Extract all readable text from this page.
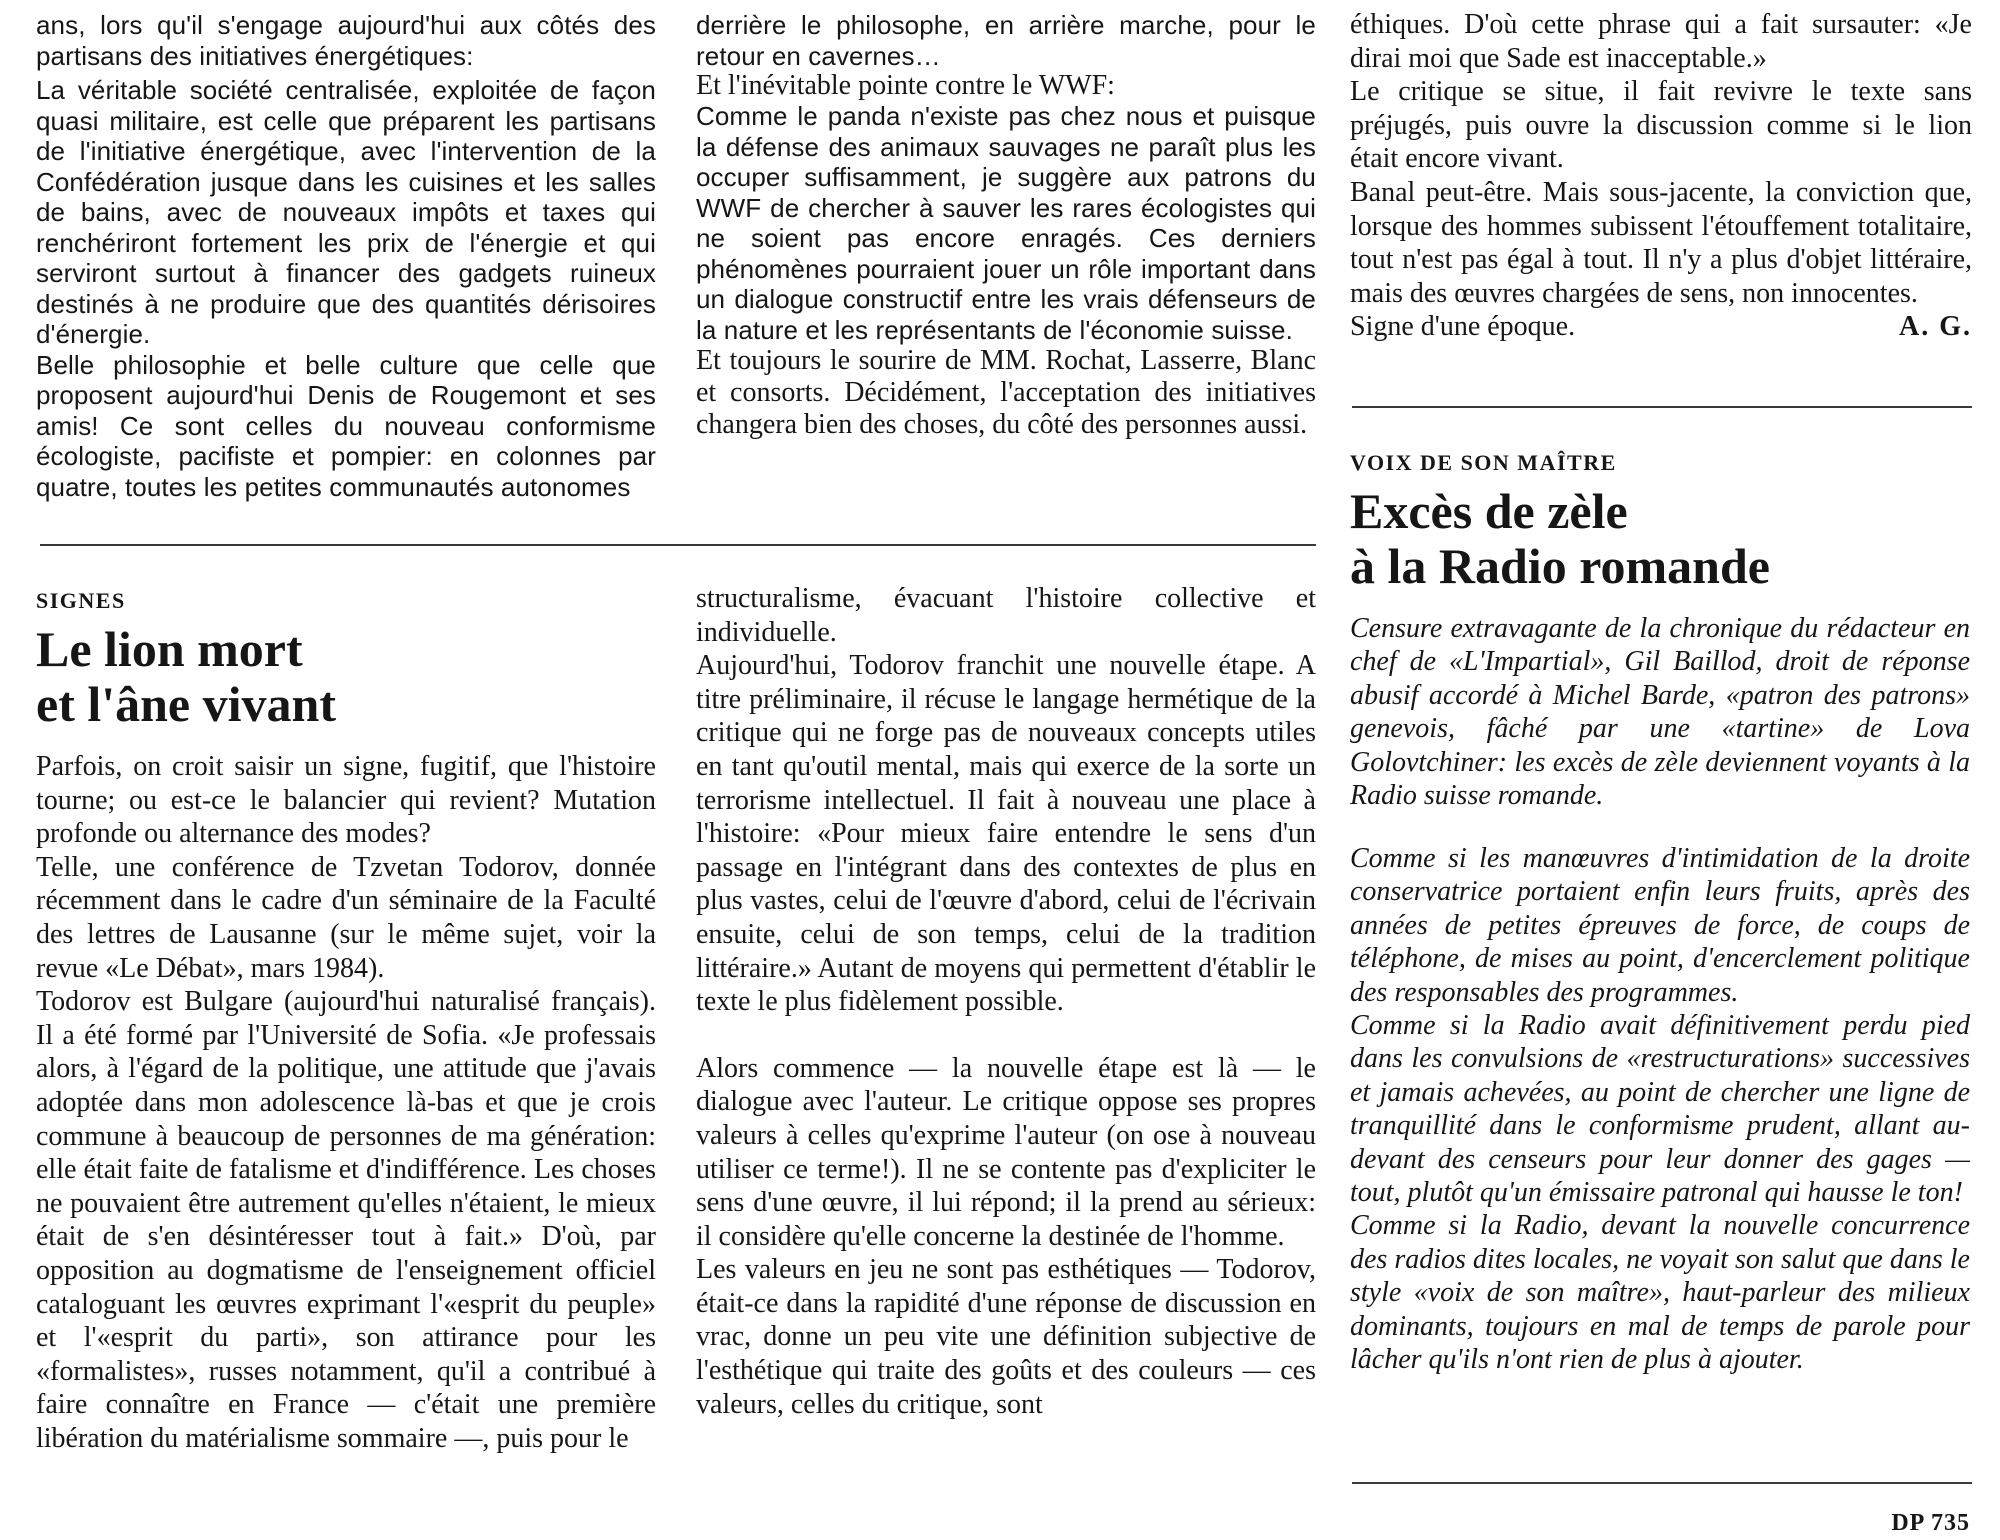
ans, lors qu'il s'engage aujourd'hui aux côtés des partisans des initiatives énergétiques:

La véritable société centralisée, exploitée de façon quasi militaire, est celle que préparent les partisans de l'initiative énergétique, avec l'intervention de la Confédération jusque dans les cuisines et les salles de bains, avec de nouveaux impôts et taxes qui renchériront fortement les prix de l'énergie et qui serviront surtout à financer des gadgets ruineux destinés à ne produire que des quantités dérisoires d'énergie.

Belle philosophie et belle culture que celle que proposent aujourd'hui Denis de Rougemont et ses amis! Ce sont celles du nouveau conformisme écologiste, pacifiste et pompier: en colonnes par quatre, toutes les petites communautés autonomes

derrière le philosophe, en arrière marche, pour le retour en cavernes…

Et l'inévitable pointe contre le WWF:

Comme le panda n'existe pas chez nous et puisque la défense des animaux sauvages ne paraît plus les occuper suffisamment, je suggère aux patrons du WWF de chercher à sauver les rares écologistes qui ne soient pas encore enragés. Ces derniers phénomènes pourraient jouer un rôle important dans un dialogue constructif entre les vrais défenseurs de la nature et les représentants de l'économie suisse.

Et toujours le sourire de MM. Rochat, Lasserre, Blanc et consorts. Décidément, l'acceptation des initiatives changera bien des choses, du côté des personnes aussi.

éthiques. D'où cette phrase qui a fait sursauter: «Je dirai moi que Sade est inacceptable.»

Le critique se situe, il fait revivre le texte sans préjugés, puis ouvre la discussion comme si le lion était encore vivant.

Banal peut-être. Mais sous-jacente, la conviction que, lorsque des hommes subissent l'étouffement totalitaire, tout n'est pas égal à tout. Il n'y a plus d'objet littéraire, mais des œuvres chargées de sens, non innocentes.

Signe d'une époque.	A. G.
SIGNES
Le lion mort
et l'âne vivant

Parfois, on croit saisir un signe, fugitif, que l'histoire tourne; ou est-ce le balancier qui revient? Mutation profonde ou alternance des modes?

Telle, une conférence de Tzvetan Todorov, donnée récemment dans le cadre d'un séminaire de la Faculté des lettres de Lausanne (sur le même sujet, voir la revue «Le Débat», mars 1984).

Todorov est Bulgare (aujourd'hui naturalisé français). Il a été formé par l'Université de Sofia. «Je professais alors, à l'égard de la politique, une attitude que j'avais adoptée dans mon adolescence là-bas et que je crois commune à beaucoup de personnes de ma génération: elle était faite de fatalisme et d'indifférence. Les choses ne pouvaient être autrement qu'elles n'étaient, le mieux était de s'en désintéresser tout à fait.» D'où, par opposition au dogmatisme de l'enseignement officiel cataloguant les œuvres exprimant l'«esprit du peuple» et l'«esprit du parti», son attirance pour les «formalistes», russes notamment, qu'il a contribué à faire connaître en France — c'était une première libération du matérialisme sommaire —, puis pour le

structuralisme, évacuant l'histoire collective et individuelle.

Aujourd'hui, Todorov franchit une nouvelle étape. A titre préliminaire, il récuse le langage hermétique de la critique qui ne forge pas de nouveaux concepts utiles en tant qu'outil mental, mais qui exerce de la sorte un terrorisme intellectuel. Il fait à nouveau une place à l'histoire: «Pour mieux faire entendre le sens d'un passage en l'intégrant dans des contextes de plus en plus vastes, celui de l'œuvre d'abord, celui de l'écrivain ensuite, celui de son temps, celui de la tradition littéraire.» Autant de moyens qui permettent d'établir le texte le plus fidèlement possible.

Alors commence — la nouvelle étape est là — le dialogue avec l'auteur. Le critique oppose ses propres valeurs à celles qu'exprime l'auteur (on ose à nouveau utiliser ce terme!). Il ne se contente pas d'expliciter le sens d'une œuvre, il lui répond; il la prend au sérieux: il considère qu'elle concerne la destinée de l'homme.

Les valeurs en jeu ne sont pas esthétiques — Todorov, était-ce dans la rapidité d'une réponse de discussion en vrac, donne un peu vite une définition subjective de l'esthétique qui traite des goûts et des couleurs — ces valeurs, celles du critique, sont

VOIX DE SON MAÎTRE
Excès de zèle
à la Radio romande

Censure extravagante de la chronique du rédacteur en chef de «L'Impartial», Gil Baillod, droit de réponse abusif accordé à Michel Barde, «patron des patrons» genevois, fâché par une «tartine» de Lova Golovtchiner: les excès de zèle deviennent voyants à la Radio suisse romande.

Comme si les manœuvres d'intimidation de la droite conservatrice portaient enfin leurs fruits, après des années de petites épreuves de force, de coups de téléphone, de mises au point, d'encerclement politique des responsables des programmes.

Comme si la Radio avait définitivement perdu pied dans les convulsions de «restructurations» successives et jamais achevées, au point de chercher une ligne de tranquillité dans le conformisme prudent, allant au-devant des censeurs pour leur donner des gages — tout, plutôt qu'un émissaire patronal qui hausse le ton!

Comme si la Radio, devant la nouvelle concurrence des radios dites locales, ne voyait son salut que dans le style «voix de son maître», haut-parleur des milieux dominants, toujours en mal de temps de parole pour lâcher qu'ils n'ont rien de plus à ajouter.

DP 735
